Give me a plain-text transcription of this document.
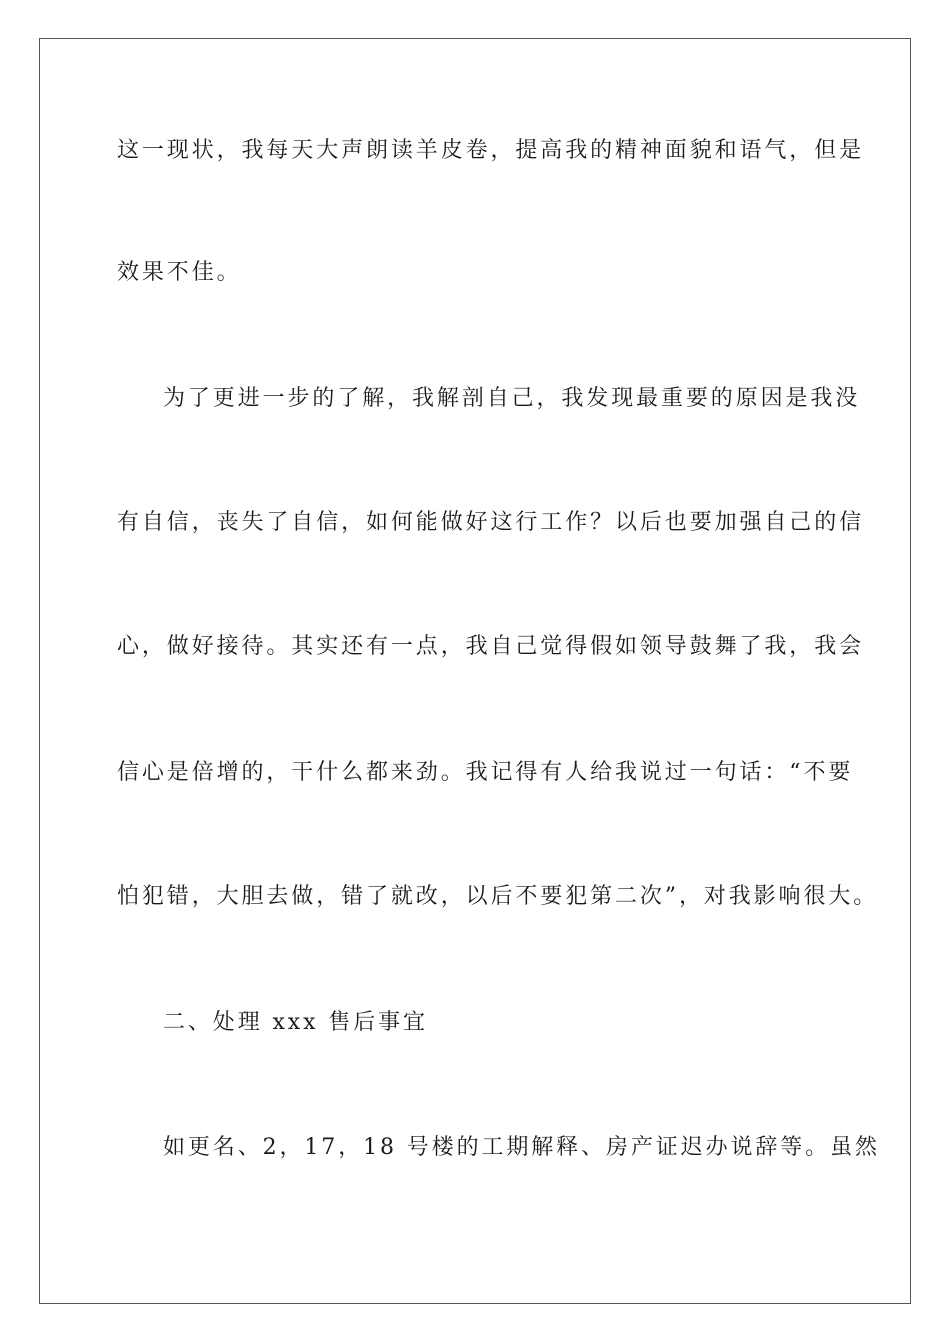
这一现状，我每天大声朗读羊皮卷，提高我的精神面貌和语气，但是
效果不佳。
为了更进一步的了解，我解剖自己，我发现最重要的原因是我没
有自信，丧失了自信，如何能做好这行工作？以后也要加强自己的信
心，做好接待。其实还有一点，我自己觉得假如领导鼓舞了我，我会
信心是倍增的，干什么都来劲。我记得有人给我说过一句话：“不要
怕犯错，大胆去做，错了就改，以后不要犯第二次”，对我影响很大。
二、处理 xxx 售后事宜
如更名、2，17，18 号楼的工期解释、房产证迟办说辞等。虽然
